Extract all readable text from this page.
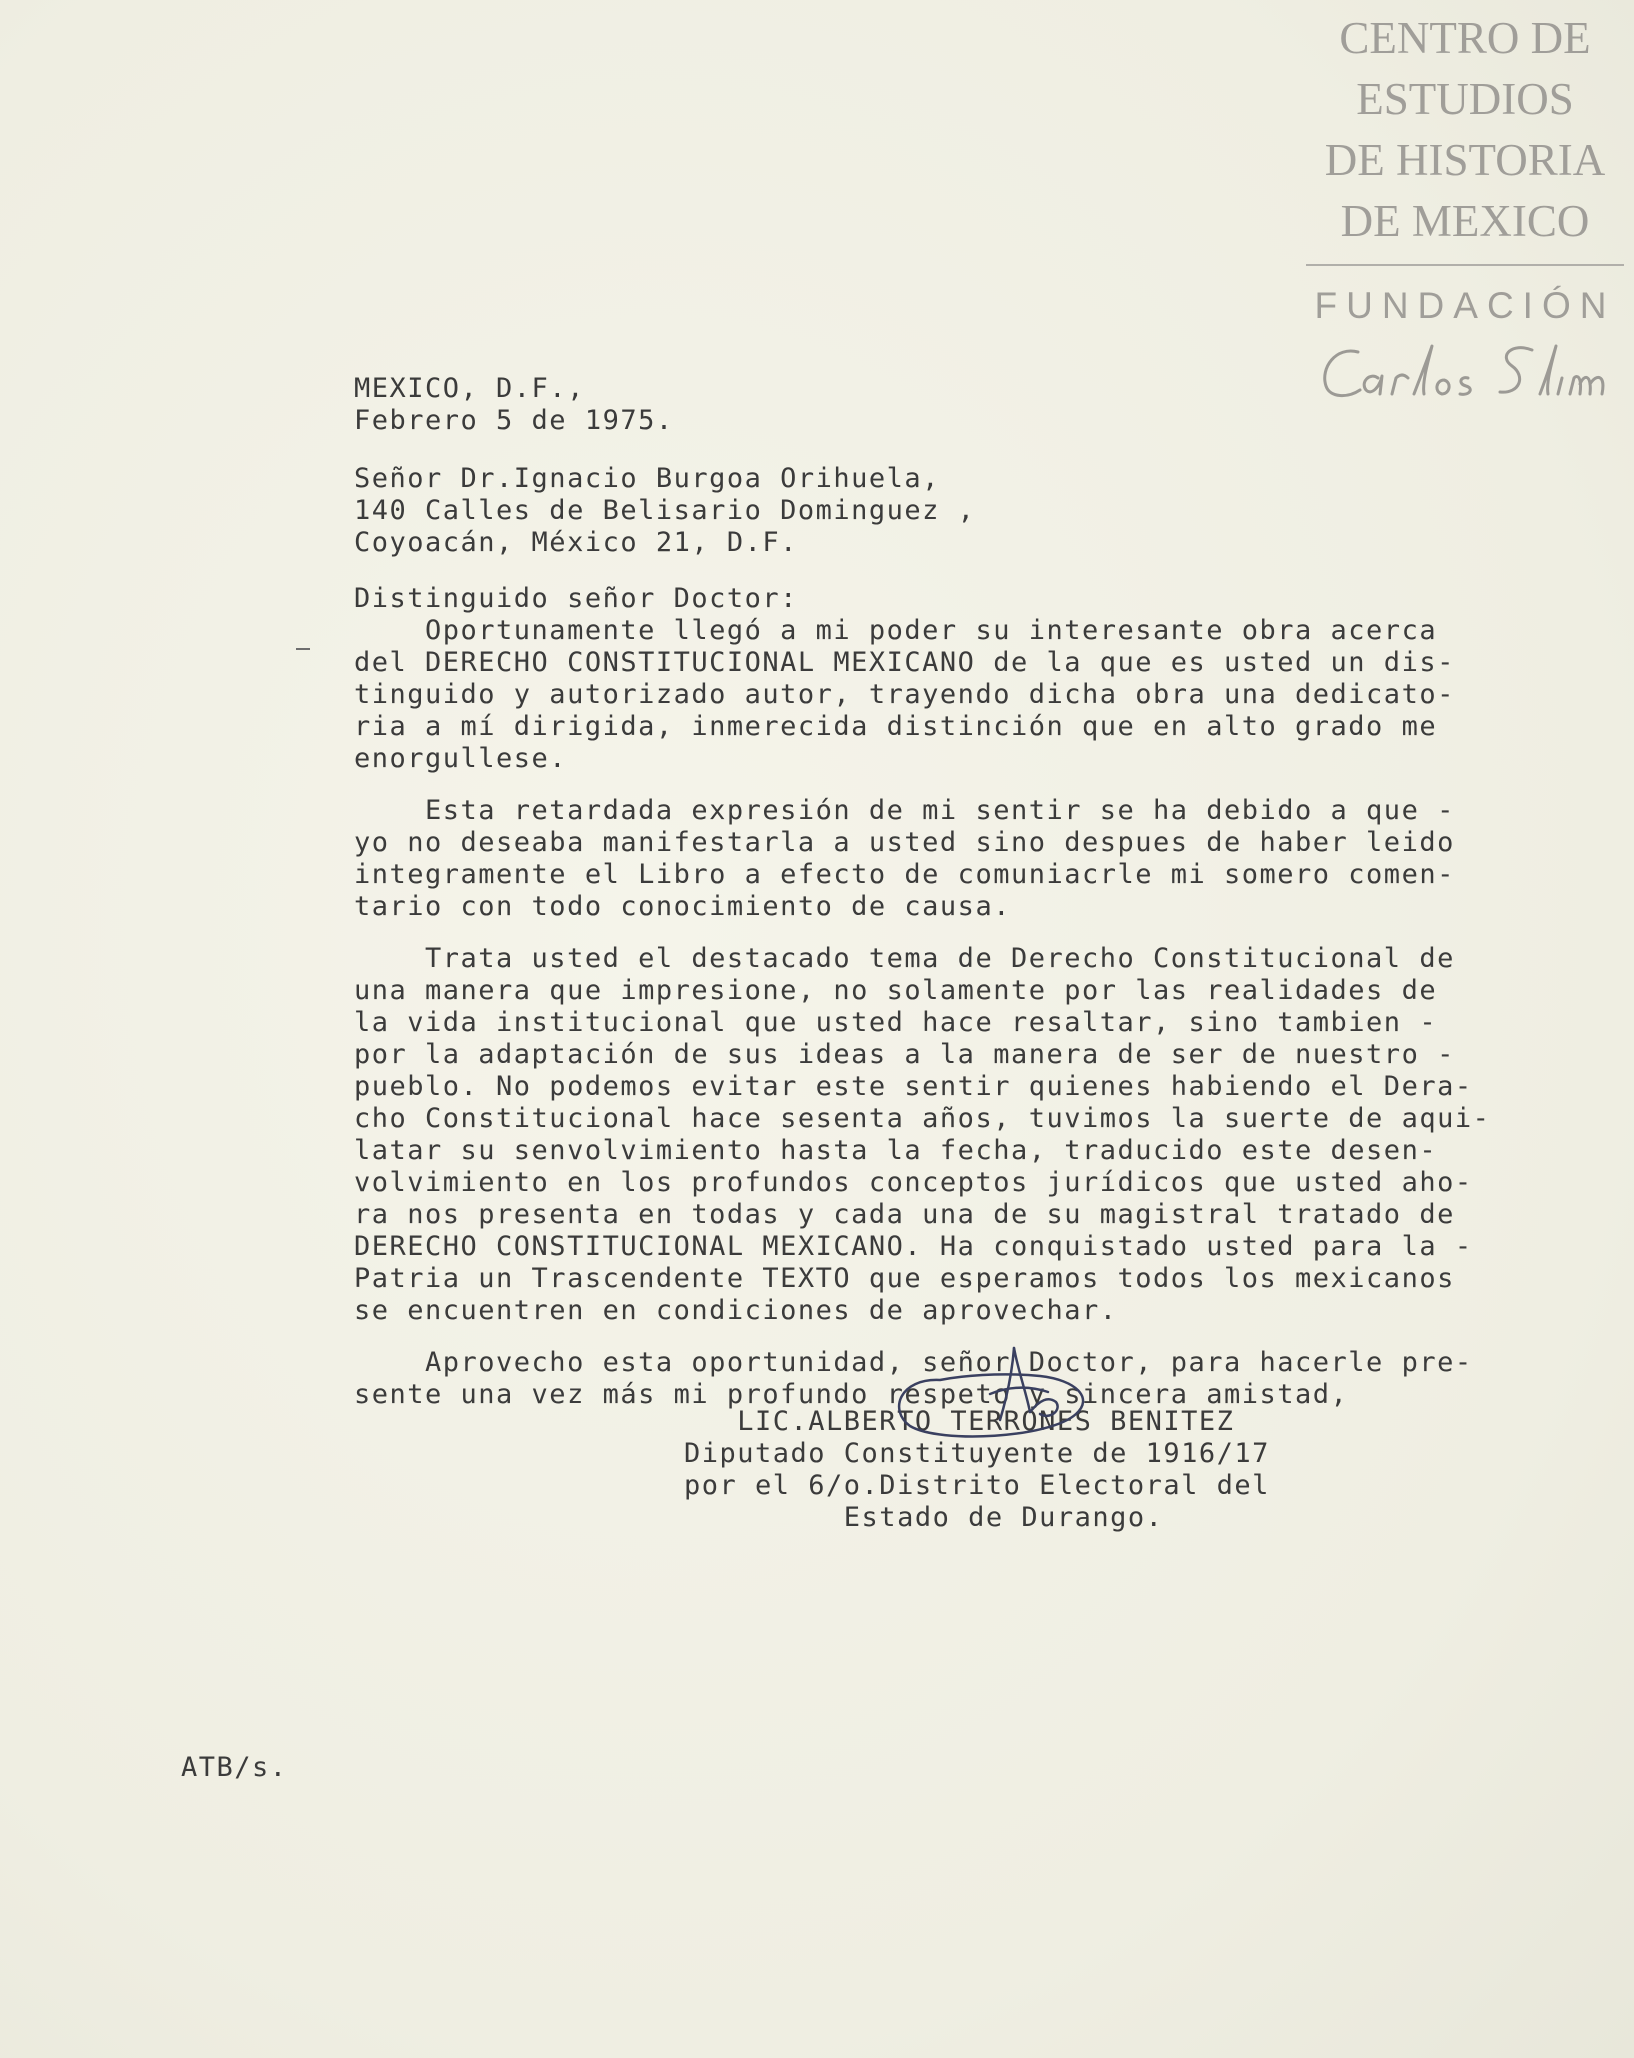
CENTRO DE
ESTUDIOS
DE HISTORIA
DE MEXICO
FUNDACIÓN
MEXICO, D.F.,
Febrero 5 de 1975.
Señor Dr.Ignacio Burgoa Orihuela,
140 Calles de Belisario Dominguez ,
Coyoacán, México 21, D.F.
Distinguido señor Doctor:
Oportunamente llegó a mi poder su interesante obra acerca
del DERECHO CONSTITUCIONAL MEXICANO de la que es usted un dis-
tinguido y autorizado autor, trayendo dicha obra una dedicato-
ria a mí dirigida, inmerecida distinción que en alto grado me
enorgullese.
Esta retardada expresión de mi sentir se ha debido a que -
yo no deseaba manifestarla a usted sino despues de haber leido
integramente el Libro a efecto de comuniacrle mi somero comen-
tario con todo conocimiento de causa.
Trata usted el destacado tema de Derecho Constitucional de
una manera que impresione, no solamente por las realidades de
la vida institucional que usted hace resaltar, sino tambien -
por la adaptación de sus ideas a la manera de ser de nuestro -
pueblo. No podemos evitar este sentir quienes habiendo el Dera-
cho Constitucional hace sesenta años, tuvimos la suerte de aqui-
latar su senvolvimiento hasta la fecha, traducido este desen-
volvimiento en los profundos conceptos jurídicos que usted aho-
ra nos presenta en todas y cada una de su magistral tratado de
DERECHO CONSTITUCIONAL MEXICANO. Ha conquistado usted para la -
Patria un Trascendente TEXTO que esperamos todos los mexicanos
se encuentren en condiciones de aprovechar.
Aprovecho esta oportunidad, señor Doctor, para hacerle pre-
sente una vez más mi profundo respeto y sincera amistad,
LIC.ALBERTO TERRONES BENITEZ
Diputado Constituyente de 1916/17
por el 6/o.Distrito Electoral del
Estado de Durango.
ATB/s.
